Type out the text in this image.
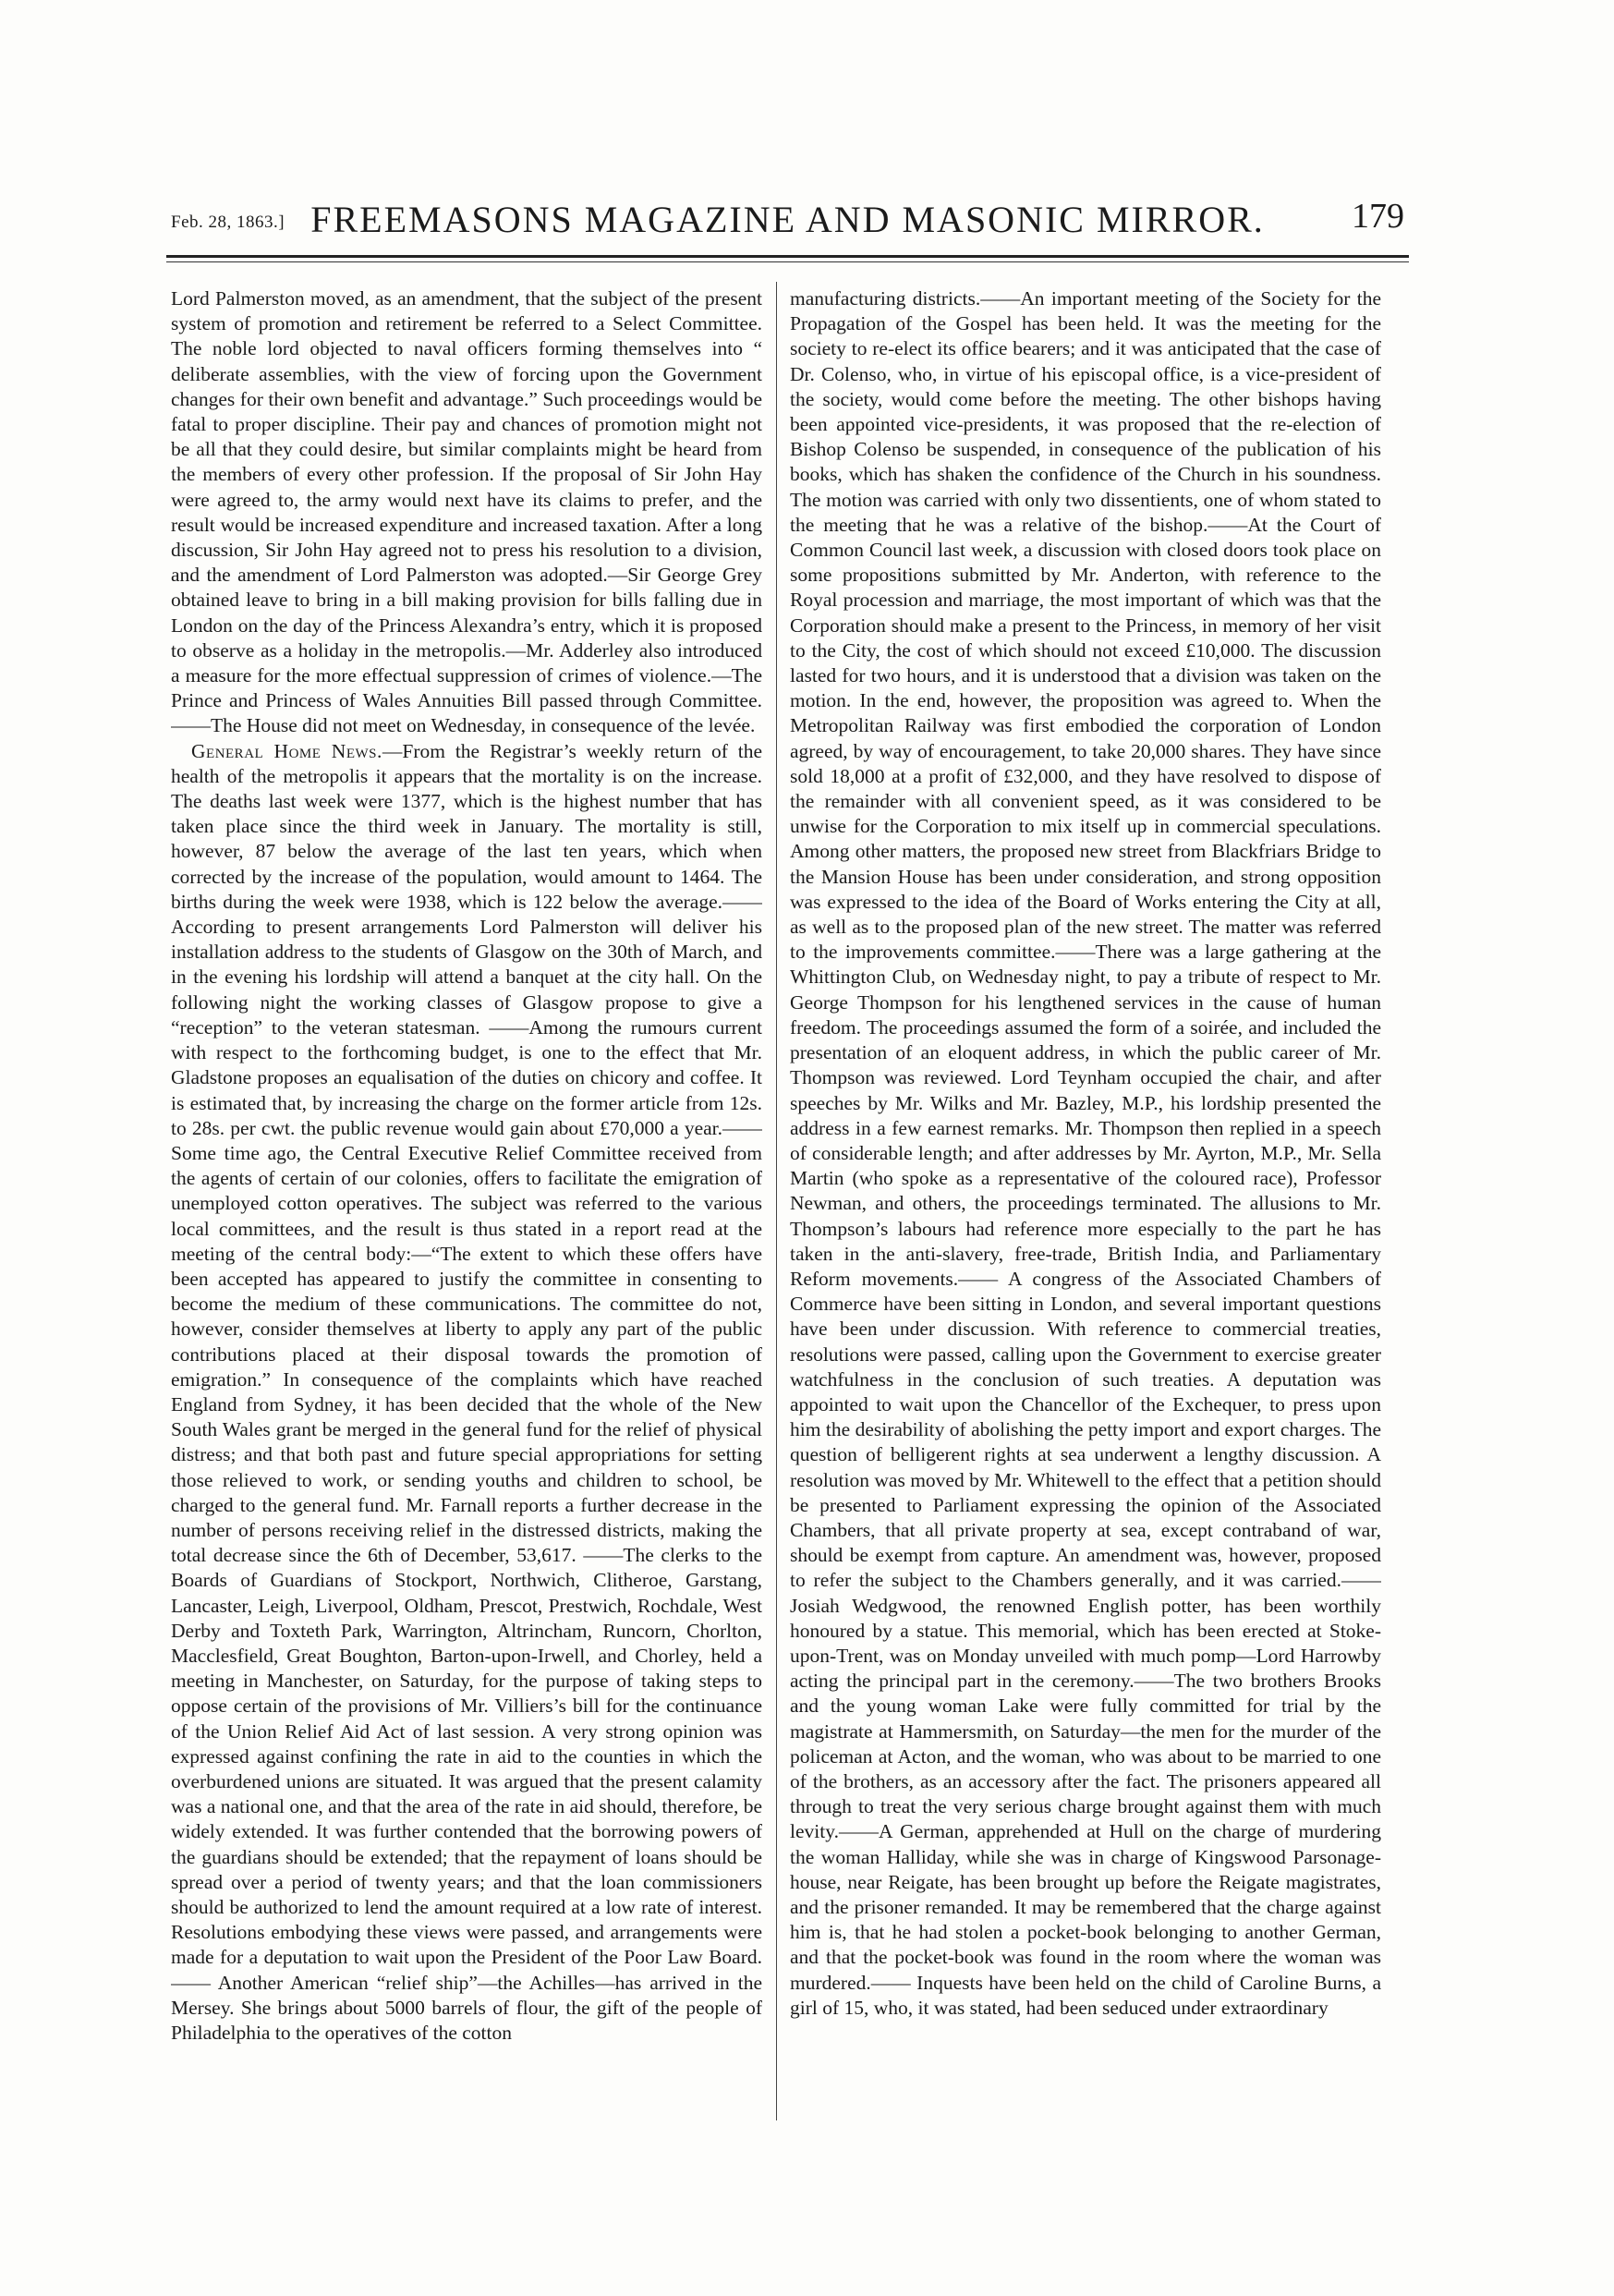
Feb. 28, 1863.] FREEMASONS MAGAZINE AND MASONIC MIRROR.	179

Lord Palmerston moved, as an amendment, that the subject of the present system of promotion and retirement be referred to a Select Committee. The noble lord objected to naval officers forming themselves into “ deliberate assemblies, with the view of forcing upon the Government changes for their own benefit and advantage.” Such proceedings would be fatal to proper discipline. Their pay and chances of promotion might not be all that they could desire, but similar complaints might be heard from the members of every other profession. If the proposal of Sir John Hay were agreed to, the army would next have its claims to prefer, and the result would be increased expenditure and increased taxation. After a long discussion, Sir John Hay agreed not to press his resolution to a division, and the amendment of Lord Palmerston was adopted.—Sir George Grey obtained leave to bring in a bill making provision for bills falling due in London on the day of the Princess Alexandra’s entry, which it is proposed to observe as a holiday in the metropolis.—Mr. Adderley also introduced a measure for the more effectual suppression of crimes of violence.—The Prince and Princess of Wales Annuities Bill passed through Committee. ——The House did not meet on Wednesday, in consequence of the levée.

General Home News.—From the Registrar’s weekly return of the health of the metropolis it appears that the mortality is on the increase. The deaths last week were 1377, which is the highest number that has taken place since the third week in January. The mortality is still, however, 87 below the average of the last ten years, which when corrected by the increase of the population, would amount to 1464. The births during the week were 1938, which is 122 below the average.——According to present arrangements Lord Palmerston will deliver his installation address to the students of Glasgow on the 30th of March, and in the evening his lordship will attend a banquet at the city hall. On the following night the working classes of Glasgow propose to give a “reception” to the veteran statesman. ——Among the rumours current with respect to the forthcoming budget, is one to the effect that Mr. Gladstone proposes an equalisation of the duties on chicory and coffee. It is estimated that, by increasing the charge on the former article from 12s. to 28s. per cwt. the public revenue would gain about £70,000 a year.——Some time ago, the Central Executive Relief Committee received from the agents of certain of our colonies, offers to facilitate the emigration of unemployed cotton operatives. The subject was referred to the various local committees, and the result is thus stated in a report read at the meeting of the central body:—“The extent to which these offers have been accepted has appeared to justify the committee in consenting to become the medium of these communications. The committee do not, however, consider themselves at liberty to apply any part of the public contributions placed at their disposal towards the promotion of emigration.” In consequence of the complaints which have reached England from Sydney, it has been decided that the whole of the New South Wales grant be merged in the general fund for the relief of physical distress; and that both past and future special appropriations for setting those relieved to work, or sending youths and children to school, be charged to the general fund. Mr. Farnall reports a further decrease in the number of persons receiving relief in the distressed districts, making the total decrease since the 6th of December, 53,617. ——The clerks to the Boards of Guardians of Stockport, Northwich, Clitheroe, Garstang, Lancaster, Leigh, Liverpool, Oldham, Prescot, Prestwich, Rochdale, West Derby and Toxteth Park, Warrington, Altrincham, Runcorn, Chorlton, Macclesfield, Great Boughton, Barton-upon-Irwell, and Chorley, held a meeting in Manchester, on Saturday, for the purpose of taking steps to oppose certain of the provisions of Mr. Villiers’s bill for the continuance of the Union Relief Aid Act of last session. A very strong opinion was expressed against confining the rate in aid to the counties in which the overburdened unions are situated. It was argued that the present calamity was a national one, and that the area of the rate in aid should, therefore, be widely extended. It was further contended that the borrowing powers of the guardians should be extended; that the repayment of loans should be spread over a period of twenty years; and that the loan commissioners should be authorized to lend the amount required at a low rate of interest. Resolutions embodying these views were passed, and arrangements were made for a deputation to wait upon the President of the Poor Law Board.—— Another American “relief ship”—the Achilles—has arrived in the Mersey. She brings about 5000 barrels of flour, the gift of the people of Philadelphia to the operatives of the cotton

manufacturing districts.——An important meeting of the Society for the Propagation of the Gospel has been held. It was the meeting for the society to re-elect its office bearers; and it was anticipated that the case of Dr. Colenso, who, in virtue of his episcopal office, is a vice-president of the society, would come before the meeting. The other bishops having been appointed vice-presidents, it was proposed that the re-election of Bishop Colenso be suspended, in consequence of the publication of his books, which has shaken the confidence of the Church in his soundness. The motion was carried with only two dissentients, one of whom stated to the meeting that he was a relative of the bishop.——At the Court of Common Council last week, a discussion with closed doors took place on some propositions submitted by Mr. Anderton, with reference to the Royal procession and marriage, the most important of which was that the Corporation should make a present to the Princess, in memory of her visit to the City, the cost of which should not exceed £10,000. The discussion lasted for two hours, and it is understood that a division was taken on the motion. In the end, however, the proposition was agreed to. When the Metropolitan Railway was first embodied the corporation of London agreed, by way of encouragement, to take 20,000 shares. They have since sold 18,000 at a profit of £32,000, and they have resolved to dispose of the remainder with all convenient speed, as it was considered to be unwise for the Corporation to mix itself up in commercial speculations. Among other matters, the proposed new street from Blackfriars Bridge to the Mansion House has been under consideration, and strong opposition was expressed to the idea of the Board of Works entering the City at all, as well as to the proposed plan of the new street. The matter was referred to the improvements committee.——There was a large gathering at the Whittington Club, on Wednesday night, to pay a tribute of respect to Mr. George Thompson for his lengthened services in the cause of human freedom. The proceedings assumed the form of a soirée, and included the presentation of an eloquent address, in which the public career of Mr. Thompson was reviewed. Lord Teynham occupied the chair, and after speeches by Mr. Wilks and Mr. Bazley, M.P., his lordship presented the address in a few earnest remarks. Mr. Thompson then replied in a speech of considerable length; and after addresses by Mr. Ayrton, M.P., Mr. Sella Martin (who spoke as a representative of the coloured race), Professor Newman, and others, the proceedings terminated. The allusions to Mr. Thompson’s labours had reference more especially to the part he has taken in the anti-slavery, free-trade, British India, and Parliamentary Reform movements.—— A congress of the Associated Chambers of Commerce have been sitting in London, and several important questions have been under discussion. With reference to commercial treaties, resolutions were passed, calling upon the Government to exercise greater watchfulness in the conclusion of such treaties. A deputation was appointed to wait upon the Chancellor of the Exchequer, to press upon him the desirability of abolishing the petty import and export charges. The question of belligerent rights at sea underwent a lengthy discussion. A resolution was moved by Mr. Whitewell to the effect that a petition should be presented to Parliament expressing the opinion of the Associated Chambers, that all private property at sea, except contraband of war, should be exempt from capture. An amendment was, however, proposed to refer the subject to the Chambers generally, and it was carried.——Josiah Wedgwood, the renowned English potter, has been worthily honoured by a statue. This memorial, which has been erected at Stoke-upon-Trent, was on Monday unveiled with much pomp—Lord Harrowby acting the principal part in the ceremony.——The two brothers Brooks and the young woman Lake were fully committed for trial by the magistrate at Hammersmith, on Saturday—the men for the murder of the policeman at Acton, and the woman, who was about to be married to one of the brothers, as an accessory after the fact. The prisoners appeared all through to treat the very serious charge brought against them with much levity.——A German, apprehended at Hull on the charge of murdering the woman Halliday, while she was in charge of Kingswood Parsonage-house, near Reigate, has been brought up before the Reigate magistrates, and the prisoner remanded. It may be remembered that the charge against him is, that he had stolen a pocket-book belonging to another German, and that the pocket-book was found in the room where the woman was murdered.—— Inquests have been held on the child of Caroline Burns, a girl of 15, who, it was stated, had been seduced under extraordinary
